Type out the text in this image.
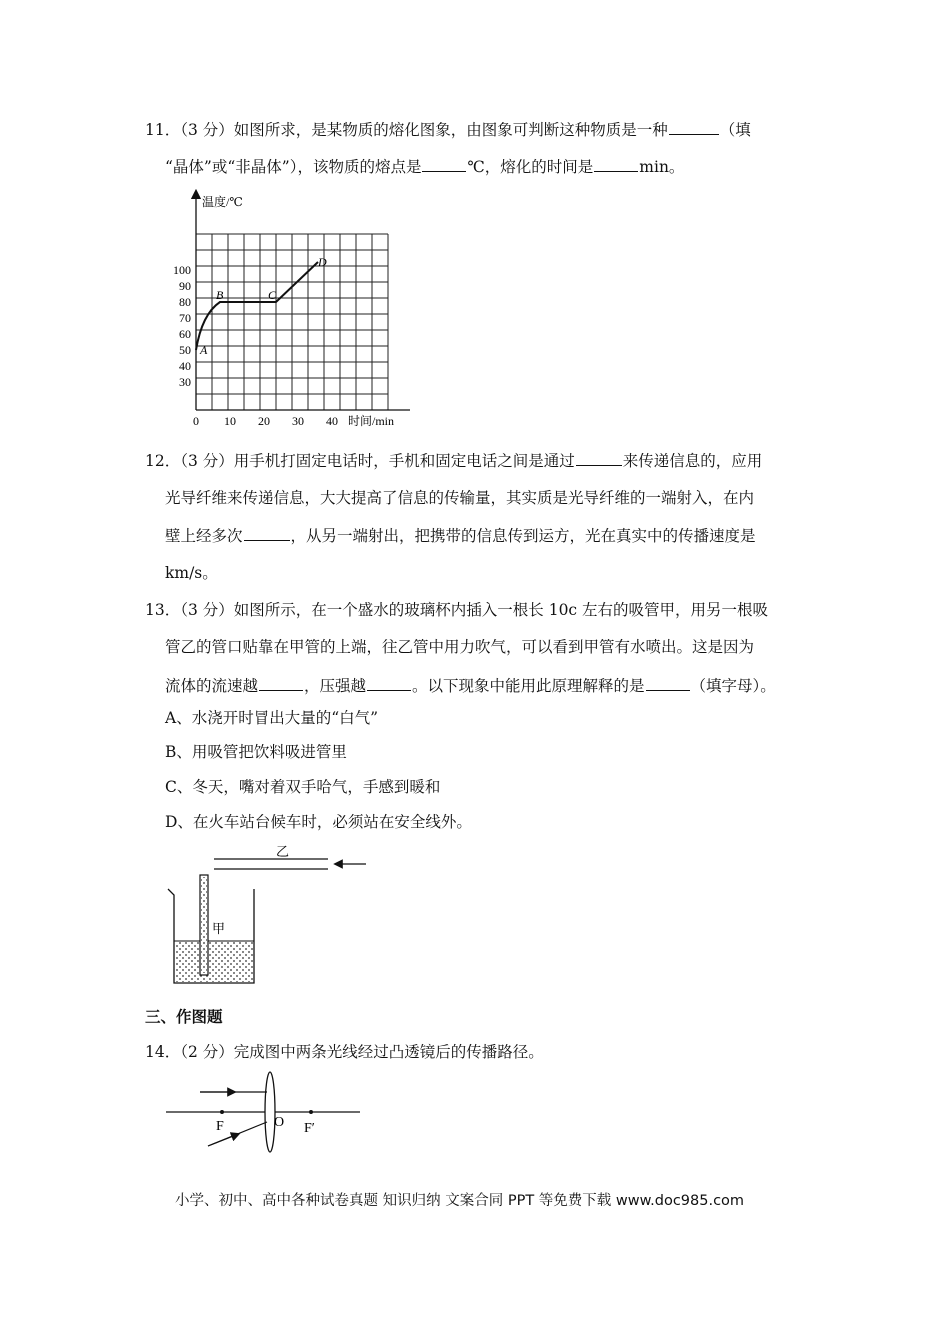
11．（3 分）如图所求，是某物质的熔化图象，由图象可判断这种物质是一种	（填
“晶体”或“非晶体”），该物质的熔点是	℃，熔化的时间是	min。
温度/℃
时间/min
100
90
80
70
60
50
40
30
0 10 20 30 40
A
B	C
D
12．（3 分）用手机打固定电话时，手机和固定电话之间是通过	来传递信息的，应用
光导纤维来传递信息，大大提高了信息的传输量，其实质是光导纤维的一端射入，在内
壁上经多次	，从另一端射出，把携带的信息传到运方，光在真实中的传播速度是
km/s。
13．（3 分）如图所示，在一个盛水的玻璃杯内插入一根长 10c 左右的吸管甲，用另一根吸
管乙的管口贴靠在甲管的上端，往乙管中用力吹气，可以看到甲管有水喷出。这是因为
流体的流速越	，压强越	。以下现象中能用此原理解释的是	（填字母）。
A、水浇开时冒出大量的“白气”
B、用吸管把饮料吸进管里
C、冬天，嘴对着双手哈气，手感到暖和
D、在火车站台候车时，必须站在安全线外。
乙
甲
三、作图题
14．（2 分）完成图中两条光线经过凸透镜后的传播路径。
F	O F′
小学、初中、高中各种试卷真题 知识归纳 文案合同 PPT 等免费下载 www.doc985.com
